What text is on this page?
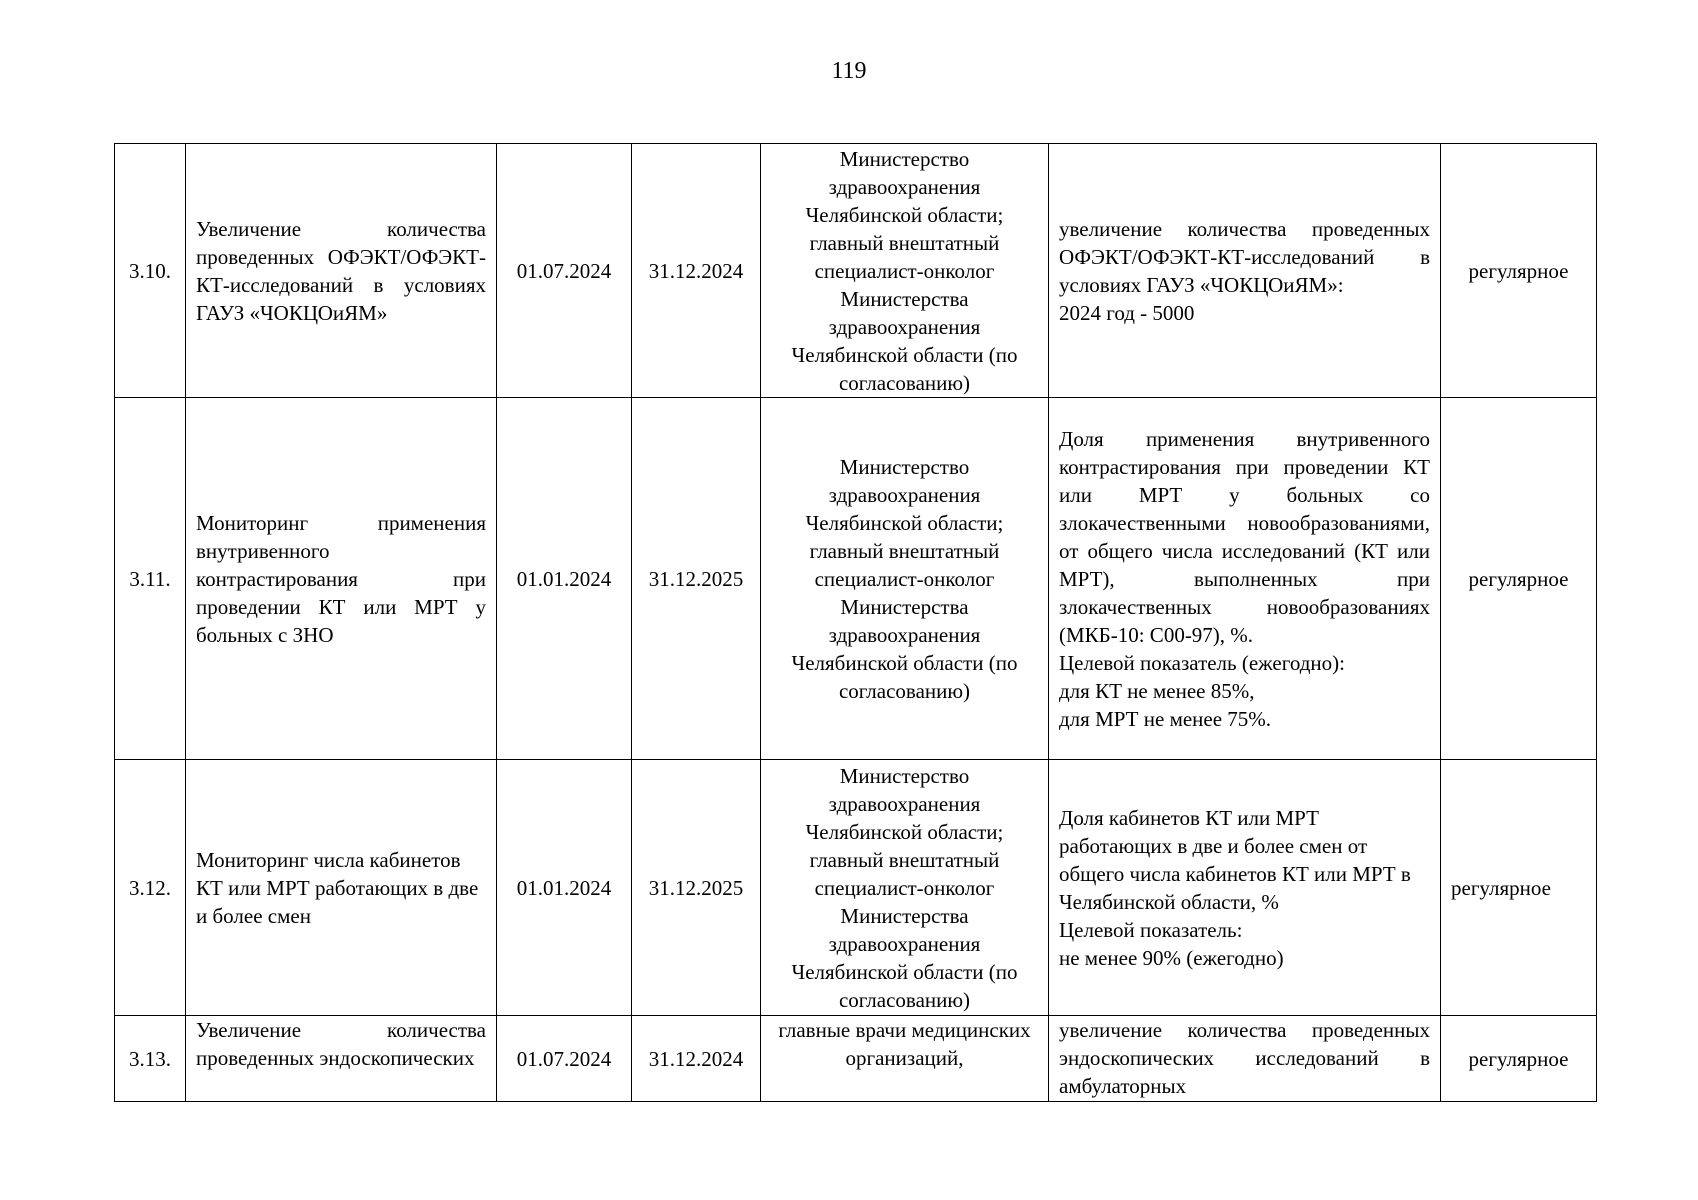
119
3.10.	Увеличение количества проведенных ОФЭКТ/ОФЭКТ-КТ-исследований в условиях ГАУЗ «ЧОКЦОиЯМ»	01.07.2024	31.12.2024	Министерство здравоохранения Челябинской области; главный внештатный специалист-онколог Министерства здравоохранения Челябинской области (по согласованию)	увеличение количества проведенных ОФЭКТ/ОФЭКТ-КТ-исследований в условиях ГАУЗ «ЧОКЦОиЯМ»:
2024 год - 5000	регулярное
3.11.	Мониторинг применения внутривенного контрастирования при проведении КТ или МРТ у больных с ЗНО	01.01.2024	31.12.2025	Министерство здравоохранения Челябинской области; главный внештатный специалист-онколог Министерства здравоохранения Челябинской области (по согласованию)	Доля применения внутривенного контрастирования при проведении КТ или МРТ у больных со злокачественными новообразованиями, от общего числа исследований (КТ или МРТ), выполненных при злокачественных новообразованиях (МКБ-10: С00-97), %.
Целевой показатель (ежегодно):
для КТ не менее 85%,
для МРТ не менее 75%.	регулярное
3.12.	Мониторинг числа кабинетов КТ или МРТ работающих в две и более смен	01.01.2024	31.12.2025	Министерство здравоохранения Челябинской области; главный внештатный специалист-онколог Министерства здравоохранения Челябинской области (по согласованию)	Доля кабинетов КТ или МРТ работающих в две и более смен от общего числа кабинетов КТ или МРТ в Челябинской области, %
Целевой показатель:
не менее 90% (ежегодно)	регулярное
3.13.	Увеличение количества проведенных эндоскопических	01.07.2024	31.12.2024	главные врачи медицинских организаций,	увеличение количества проведенных эндоскопических исследований в амбулаторных	регулярное
